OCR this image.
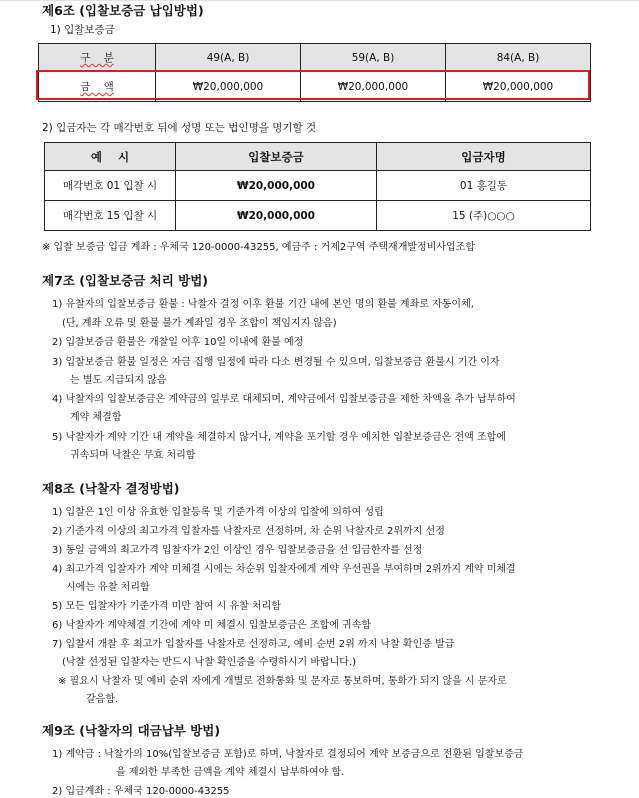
제6조 (입찰보증금 납입방법)
1) 입찰보증금
구    분	49(A, B)	59(A, B)	84(A, B)
금    액	₩20,000,000	₩20,000,000	₩20,000,000
2) 입금자는 각 매각번호 뒤에 성명 또는 법인명을 명기할 것
예    시	입찰보증금	입금자명
매각번호 01 입찰 시	₩20,000,000	01 홍길동
매각번호 15 입찰 시	₩20,000,000	15 (주)○○○
※ 입찰 보증금 입금 계좌 : 우체국 120-0000-43255, 예금주 : 거제2구역 주택재개발정비사업조합
제7조 (입찰보증금 처리 방법)
1) 유찰자의 입찰보증금 환불 : 낙찰자 결정 이후 환불 기간 내에 본인 명의 환불 계좌로 자동이체,
(단, 계좌 오류 및 환불 불가 계좌일 경우 조합이 책임지지 않음)
2) 입찰보증금 환불은 개찰일 이후 10일 이내에 환불 예정
3) 입찰보증금 환불 일정은 자금 집행 일정에 따라 다소 변경될 수 있으며, 입찰보증금 환불시 기간 이자
는 별도 지급되지 않음
4) 낙찰자의 입찰보증금은 계약금의 일부로 대체되며, 계약금에서 입찰보증금을 제한 차액을 추가 납부하여
계약 체결함
5) 낙찰자가 계약 기간 내 계약을 체결하지 않거나, 계약을 포기할 경우 예치한 입찰보증금은 전액 조합에
귀속되며 낙찰은 무효 처리함
제8조 (낙찰자 결정방법)
1) 입찰은 1인 이상 유효한 입찰등록 및 기준가격 이상의 입찰에 의하여 성립
2) 기준가격 이상의 최고가격 입찰자를 낙찰자로 선정하며, 차 순위 낙찰자로 2위까지 선정
3) 동일 금액의 최고가격 입찰자가 2인 이상인 경우 입찰보증금을 선 입금한자를 선정
4) 최고가격 입찰자가 계약 미체결 시에는 차순위 입찰자에게 계약 우선권을 부여하며 2위까지 계약 미체결
시에는 유찰 처리함
5) 모든 입찰자가 기준가격 미만 참여 시 유찰 처리함
6) 낙찰자가 계약체결 기간에 계약 미 체결시 입찰보증금은 조합에 귀속함
7) 입찰서 개찰 후 최고가 입찰자를 낙찰자로 선정하고, 예비 순번 2위 까지 낙찰 확인증 발급
(낙찰 선정된 입찰자는 반드시 낙찰 확인증을 수령하시기 바랍니다.)
※ 필요시 낙찰자 및 예비 순위 자에게 개별로 전화통화 및 문자로 통보하며, 통화가 되지 않을 시 문자로
갈음함.
제9조 (낙찰자의 대금납부 방법)
1) 계약금 : 낙찰가의 10%(입찰보증금 포함)로 하며, 낙찰자로 결정되어 계약 보증금으로 전환된 입찰보증금
을 제외한 부족한 금액을 계약 체결시 납부하여야 함.
2) 입금계좌 : 우체국 120-0000-43255
